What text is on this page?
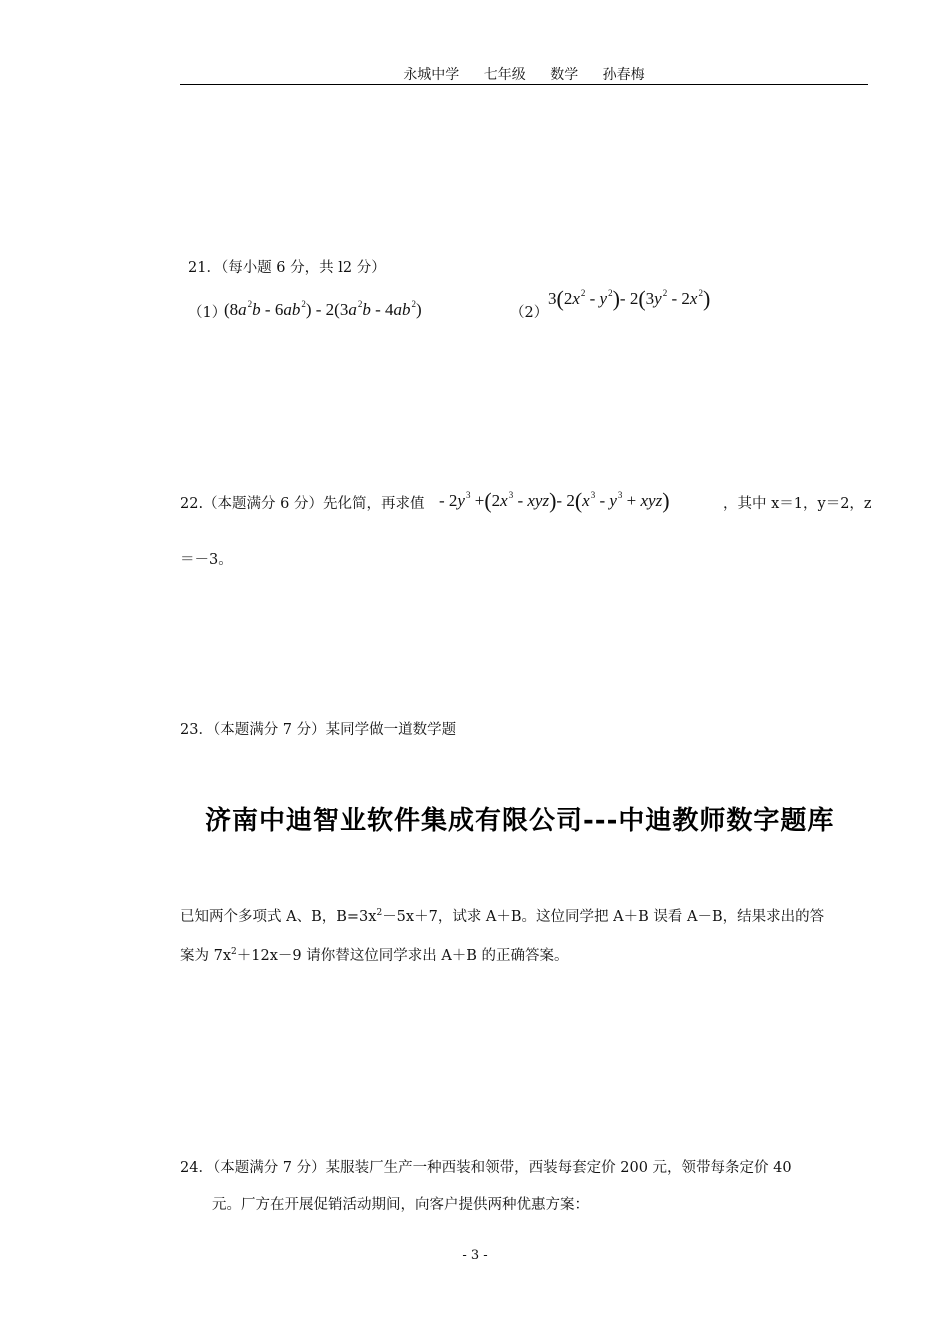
永城中学 七年级 数学 孙春梅
21．（每小题 6 分，共 l2 分）
（1）
$(8a^2b - 6ab^2) - 2(3a^2b - 4ab^2)$	（2）
$3(2x^2 - y^2)-$ $2(3y^2 - 2x^2)$
22.（本题满分 6 分）先化简，再求值 - $2y^3 +(2x^3 - xyz)-$ $2(x^3 - y^3 + xyz)$	，其中 x＝1，y＝2，z
＝－3。
23．（本题满分 7 分）某同学做一道数学题
济南中迪智业软件集成有限公司---中迪教师数字题库
已知两个多项式 A、B，$B=3x^2-5x+7$，试求 A＋B。这位同学把 A＋B 误看 A－B，结果求出的答
案为 $7x^2+12x-9$ 请你替这位同学求出 A＋B 的正确答案。
24．（本题满分 7 分）某服装厂生产一种西装和领带，西装每套定价 200 元，领带每条定价 40
元。厂方在开展促销活动期间，向客户提供两种优惠方案：
- 3 -
